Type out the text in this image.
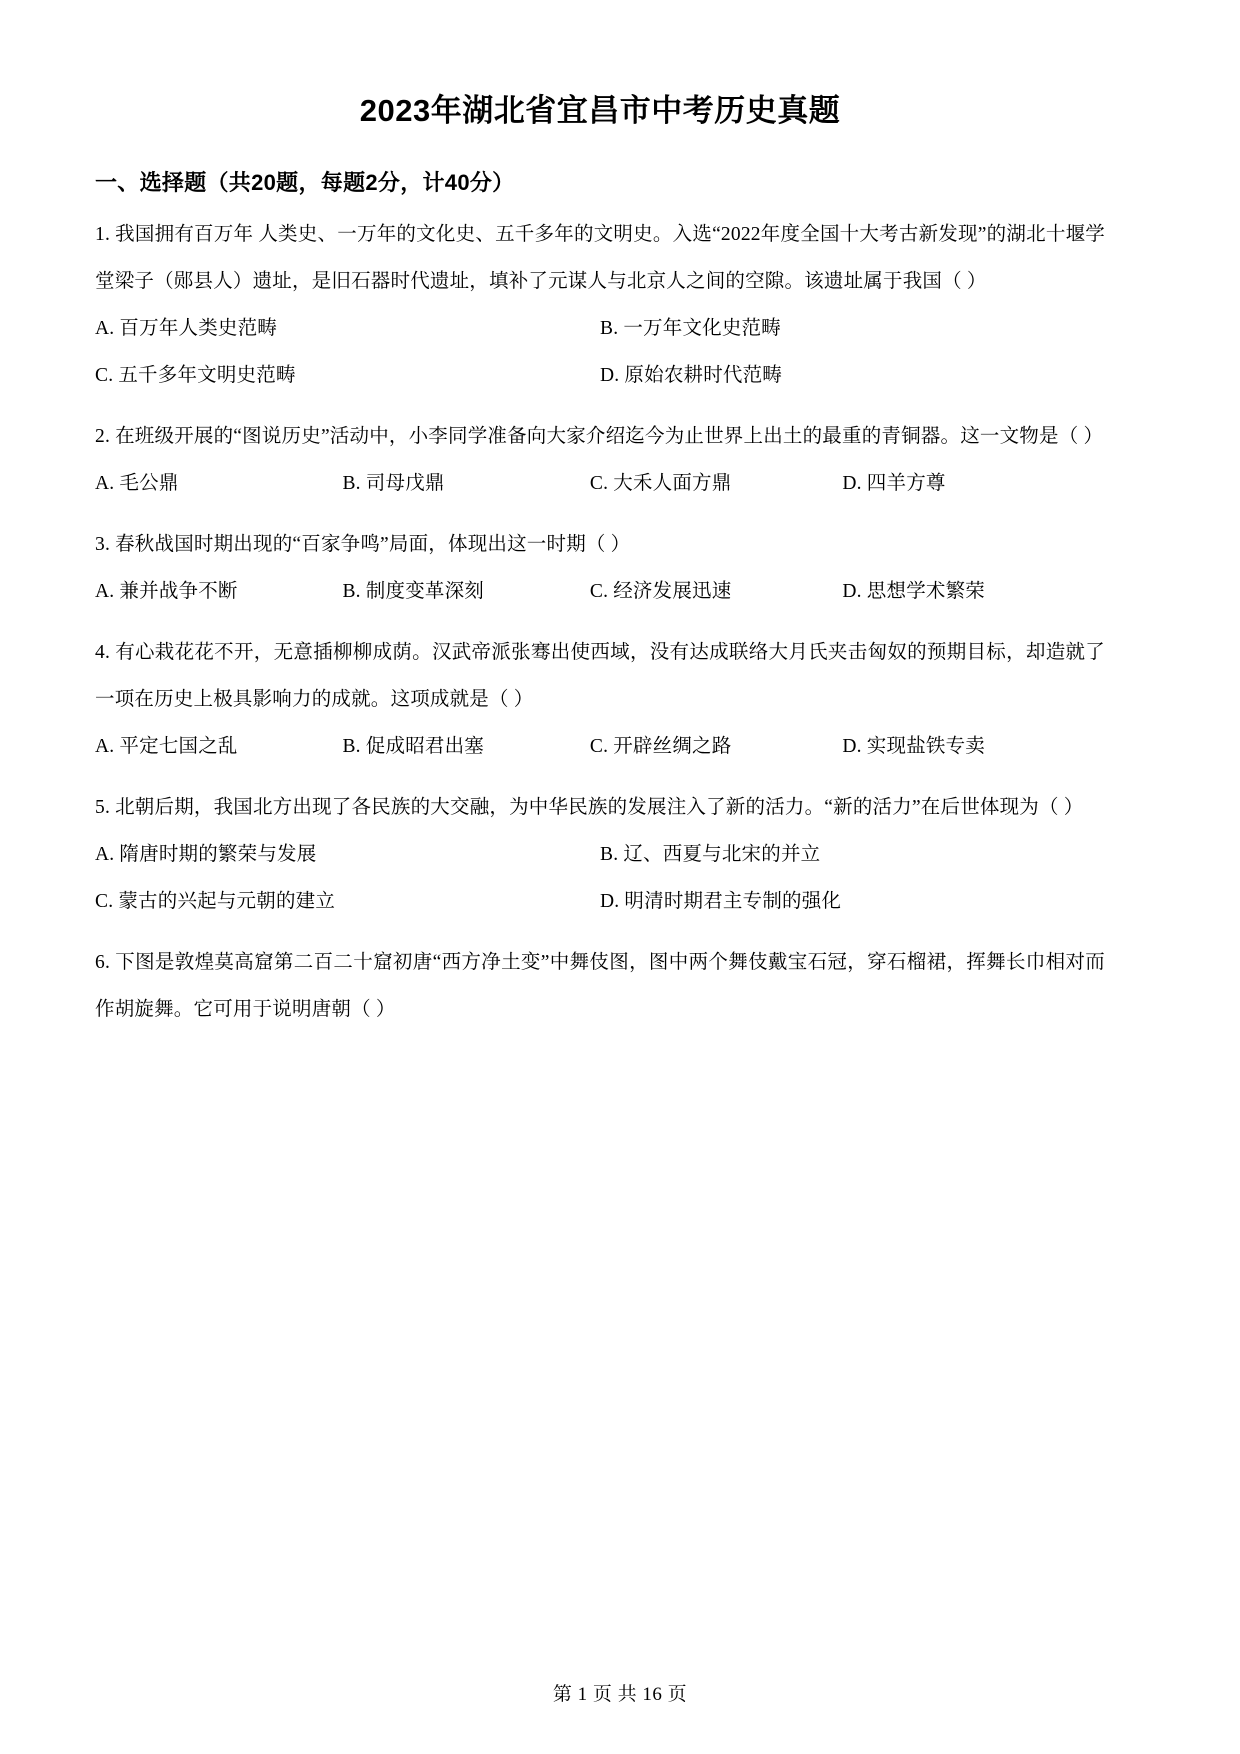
2023年湖北省宜昌市中考历史真题
一、选择题（共20题，每题2分，计40分）
1. 我国拥有百万年 人类史、一万年的文化史、五千多年的文明史。入选“2022年度全国十大考古新发现”的湖北十堰学堂梁子（郧县人）遗址，是旧石器时代遗址，填补了元谋人与北京人之间的空隙。该遗址属于我国（ ）
A. 百万年人类史范畴	B. 一万年文化史范畴
C. 五千多年文明史范畴	D. 原始农耕时代范畴
2. 在班级开展的“图说历史”活动中，小李同学准备向大家介绍迄今为止世界上出土的最重的青铜器。这一文物是（ ）
A. 毛公鼎	B. 司母戊鼎	C. 大禾人面方鼎	D. 四羊方尊
3. 春秋战国时期出现的“百家争鸣”局面，体现出这一时期（ ）
A. 兼并战争不断	B. 制度变革深刻	C. 经济发展迅速	D. 思想学术繁荣
4. 有心栽花花不开，无意插柳柳成荫。汉武帝派张骞出使西域，没有达成联络大月氏夹击匈奴的预期目标，却造就了一项在历史上极具影响力的成就。这项成就是（ ）
A. 平定七国之乱	B. 促成昭君出塞	C. 开辟丝绸之路	D. 实现盐铁专卖
5. 北朝后期，我国北方出现了各民族的大交融，为中华民族的发展注入了新的活力。“新的活力”在后世体现为（ ）
A. 隋唐时期的繁荣与发展	B. 辽、西夏与北宋的并立
C. 蒙古的兴起与元朝的建立	D. 明清时期君主专制的强化
6. 下图是敦煌莫高窟第二百二十窟初唐“西方净土变”中舞伎图，图中两个舞伎戴宝石冠，穿石榴裙，挥舞长巾相对而作胡旋舞。它可用于说明唐朝（ ）
第 1 页 共 16 页
